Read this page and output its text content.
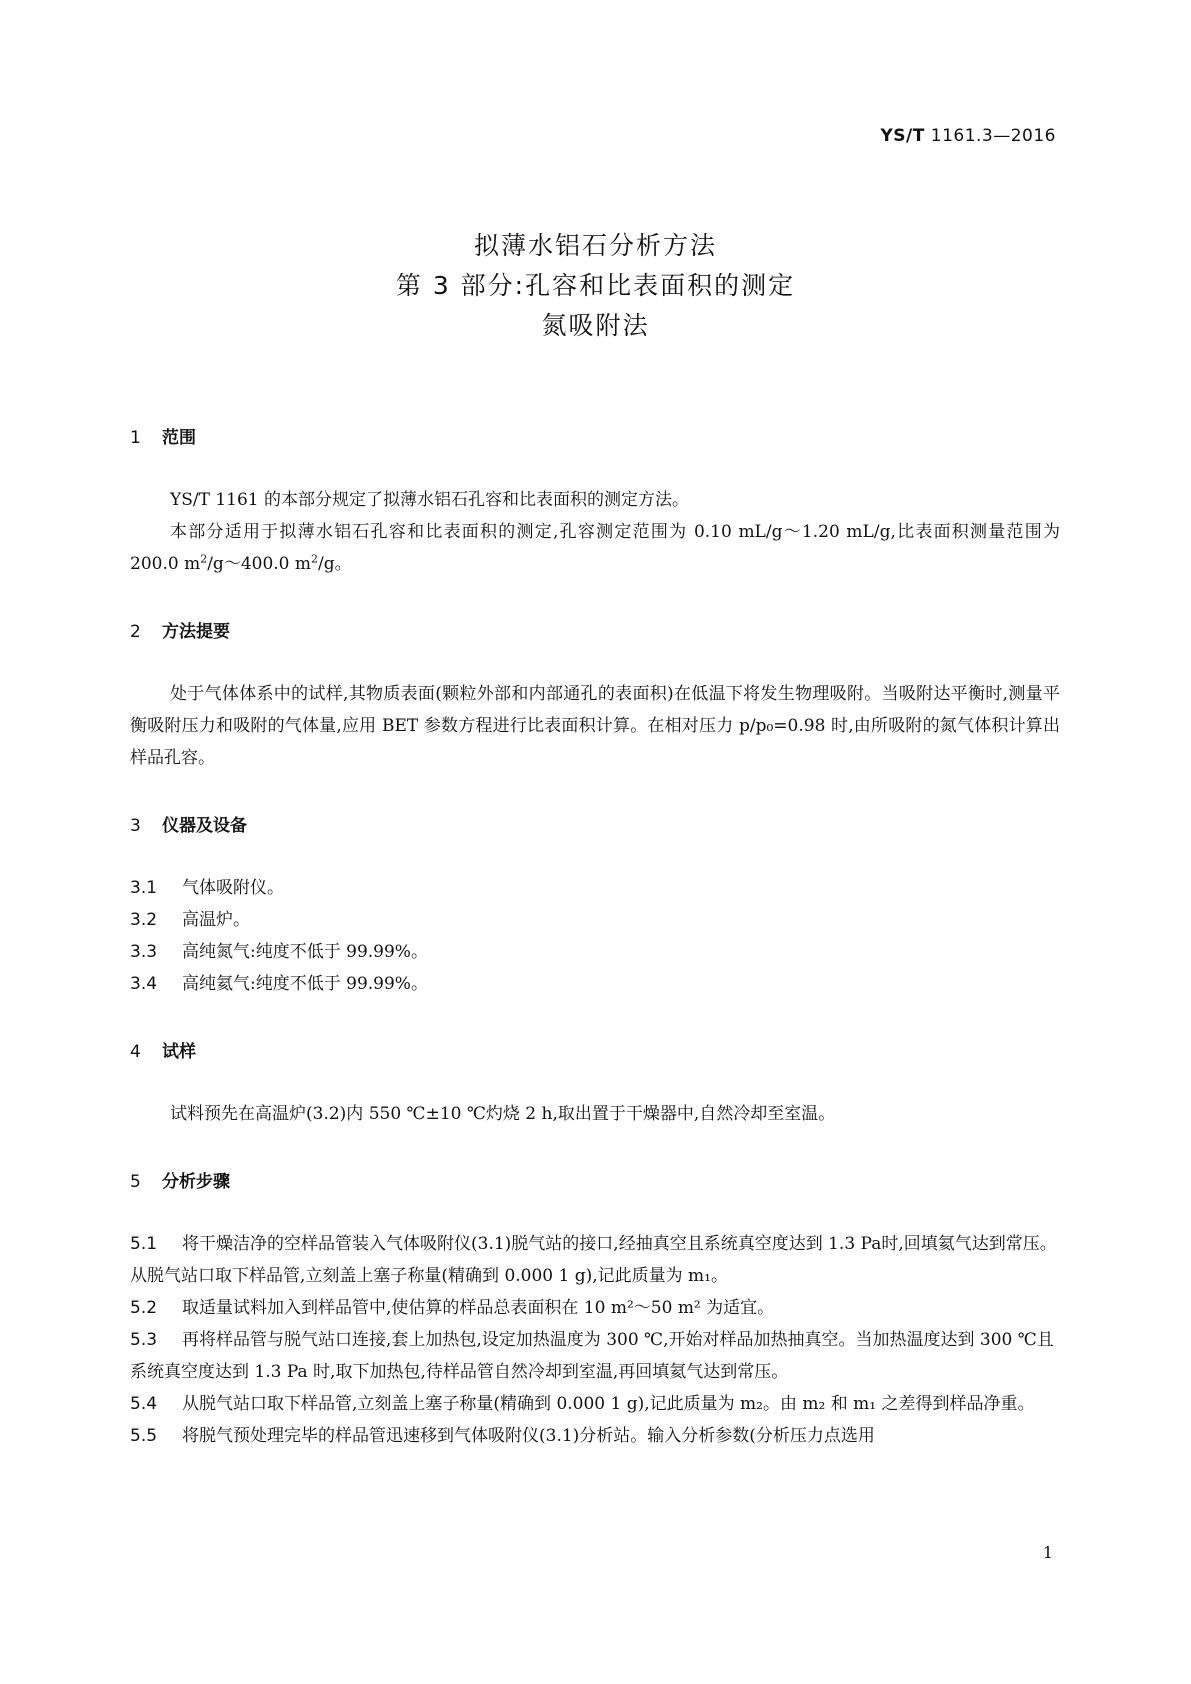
YS/T 1161.3—2016
拟薄水铝石分析方法
第 3 部分:孔容和比表面积的测定
氮吸附法
1 范围
YS/T 1161 的本部分规定了拟薄水铝石孔容和比表面积的测定方法。
本部分适用于拟薄水铝石孔容和比表面积的测定,孔容测定范围为 0.10 mL/g～1.20 mL/g,比表面积测量范围为 200.0 $m^2/g\sim 400.0$ $m^2/g$。
2 方法提要
处于气体体系中的试样,其物质表面(颗粒外部和内部通孔的表面积)在低温下将发生物理吸附。当吸附达平衡时,测量平衡吸附压力和吸附的气体量,应用 BET 参数方程进行比表面积计算。在相对压力 p/p₀=0.98 时,由所吸附的氮气体积计算出样品孔容。
3 仪器及设备
3.1 气体吸附仪。
3.2 高温炉。
3.3 高纯氮气:纯度不低于 99.99%。
3.4 高纯氦气:纯度不低于 99.99%。
4 试样
试料预先在高温炉(3.2)内 550 ℃±10 ℃灼烧 2 h,取出置于干燥器中,自然冷却至室温。
5 分析步骤
5.1 将干燥洁净的空样品管装入气体吸附仪(3.1)脱气站的接口,经抽真空且系统真空度达到 1.3 Pa时,回填氦气达到常压。从脱气站口取下样品管,立刻盖上塞子称量(精确到 0.000 1 g),记此质量为 m₁。
5.2 取适量试料加入到样品管中,使估算的样品总表面积在 10 m²～50 m² 为适宜。
5.3 再将样品管与脱气站口连接,套上加热包,设定加热温度为 300 ℃,开始对样品加热抽真空。当加热温度达到 300 ℃且系统真空度达到 1.3 Pa 时,取下加热包,待样品管自然冷却到室温,再回填氦气达到常压。
5.4 从脱气站口取下样品管,立刻盖上塞子称量(精确到 0.000 1 g),记此质量为 m₂。由 m₂ 和 m₁ 之差得到样品净重。
5.5 将脱气预处理完毕的样品管迅速移到气体吸附仪(3.1)分析站。输入分析参数(分析压力点选用
1
